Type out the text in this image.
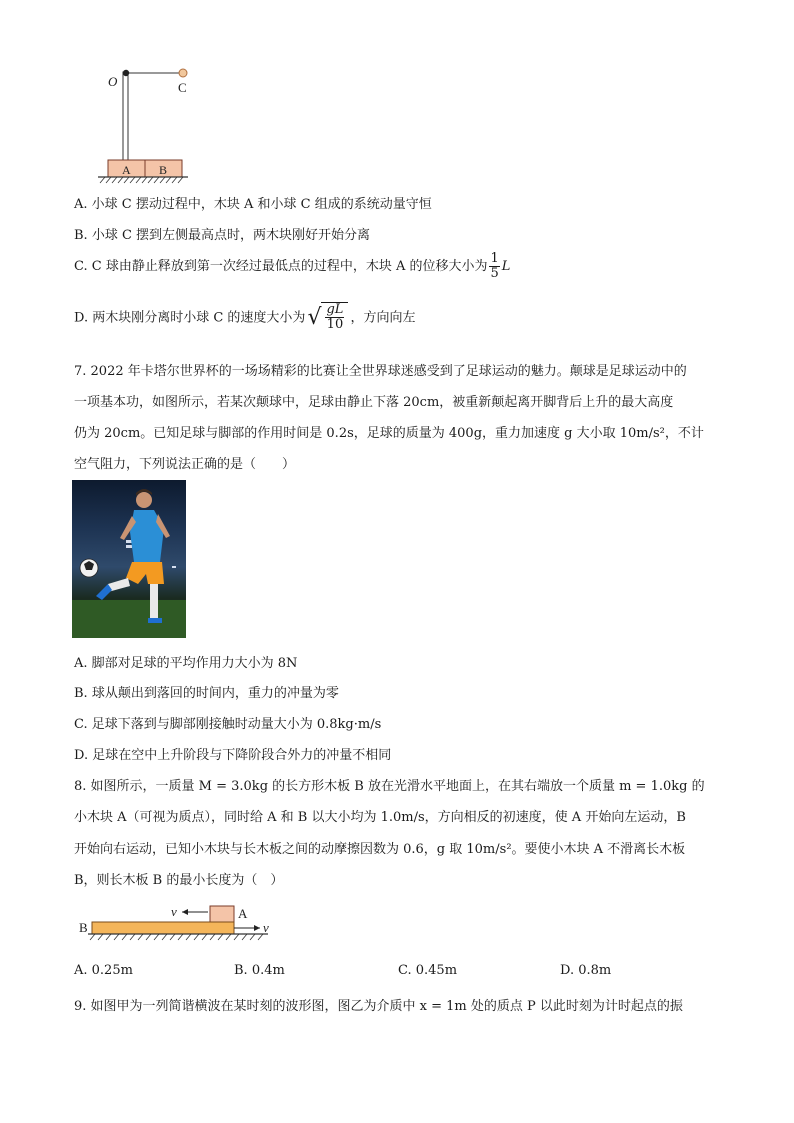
O	C
A B
A. 小球 C 摆动过程中，木块 A 和小球 C 组成的系统动量守恒
B. 小球 C 摆到左侧最高点时，两木块刚好开始分离
C. C 球由静止释放到第一次经过最低点的过程中，木块 A 的位移大小为 $\frac{1}{5}$ L
D. 两木块刚分离时小球 C 的速度大小为 √ $\frac{gL}{10}$ ，方向向左
7. 2022 年卡塔尔世界杯的一场场精彩的比赛让全世界球迷感受到了足球运动的魅力。颠球是足球运动中的
一项基本功，如图所示，若某次颠球中，足球由静止下落 20cm，被重新颠起离开脚背后上升的最大高度
仍为 20cm。已知足球与脚部的作用时间是 0.2s，足球的质量为 400g，重力加速度 g 大小取 10m/s²，不计
空气阻力，下列说法正确的是（　　）
A. 脚部对足球的平均作用力大小为 8N
B. 球从颠出到落回的时间内，重力的冲量为零
C. 足球下落到与脚部刚接触时动量大小为 0.8kg·m/s
D. 足球在空中上升阶段与下降阶段合外力的冲量不相同
8. 如图所示，一质量 M = 3.0kg 的长方形木板 B 放在光滑水平地面上，在其右端放一个质量 m = 1.0kg 的
小木块 A（可视为质点），同时给 A 和 B 以大小均为 1.0m/s，方向相反的初速度，使 A 开始向左运动，B
开始向右运动，已知小木块与长木板之间的动摩擦因数为 0.6，g 取 10m/s²。要使小木块 A 不滑离长木板
B，则长木板 B 的最小长度为（　）
A
v
B	v
A. 0.25m	B. 0.4m	C. 0.45m	D. 0.8m
9. 如图甲为一列简谐横波在某时刻的波形图，图乙为介质中 x = 1m 处的质点 P 以此时刻为计时起点的振
